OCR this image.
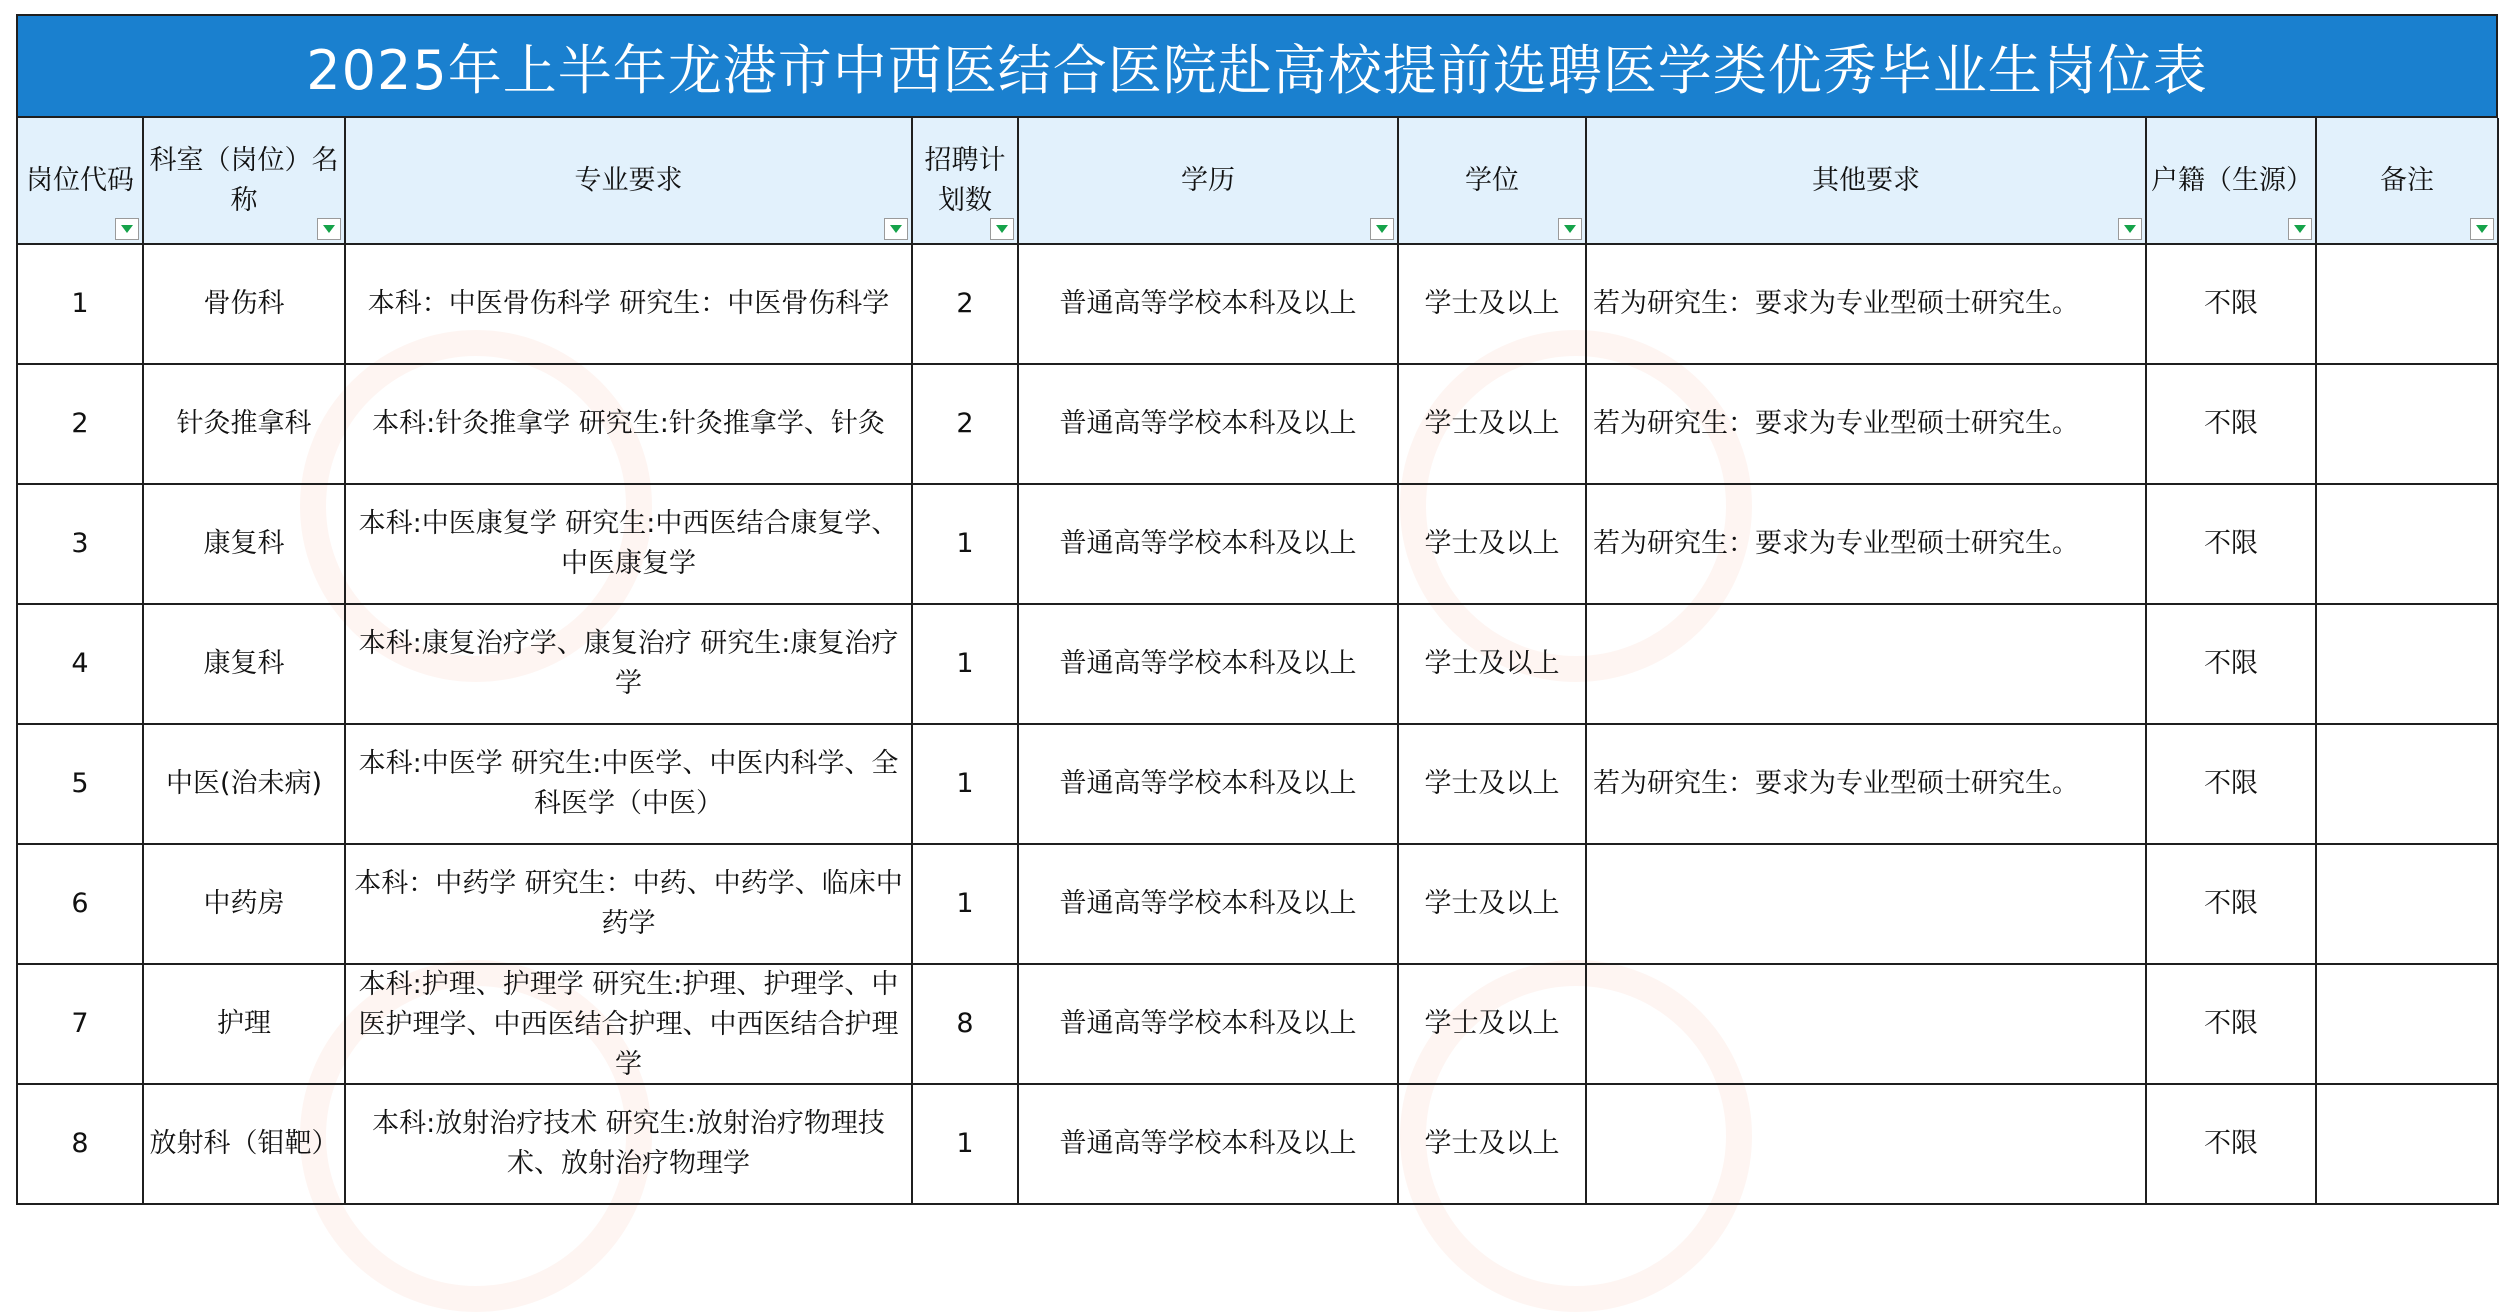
2025年上半年龙港市中西医结合医院赴高校提前选聘医学类优秀毕业生岗位表
岗位代码	科室（岗位）名称	专业要求	招聘计划数	学历	学位	其他要求	户籍（生源）	备注

1	骨伤科	本科：中医骨伤科学 研究生：中医骨伤科学	2	普通高等学校本科及以上	学士及以上	若为研究生：要求为专业型硕士研究生。	不限	

2	针灸推拿科	本科:针灸推拿学 研究生:针灸推拿学、针灸	2	普通高等学校本科及以上	学士及以上	若为研究生：要求为专业型硕士研究生。	不限	

3	康复科	本科:中医康复学 研究生:中西医结合康复学、中医康复学	1	普通高等学校本科及以上	学士及以上	若为研究生：要求为专业型硕士研究生。	不限	

4	康复科	本科:康复治疗学、康复治疗 研究生:康复治疗学	1	普通高等学校本科及以上	学士及以上		不限	

5	中医(治未病)	本科:中医学 研究生:中医学、中医内科学、全科医学（中医）	1	普通高等学校本科及以上	学士及以上	若为研究生：要求为专业型硕士研究生。	不限	

6	中药房	本科：中药学 研究生：中药、中药学、临床中药学	1	普通高等学校本科及以上	学士及以上		不限	

7	护理	本科:护理、护理学 研究生:护理、护理学、中医护理学、中西医结合护理、中西医结合护理学	8	普通高等学校本科及以上	学士及以上		不限	

8	放射科（钼靶）	本科:放射治疗技术 研究生:放射治疗物理技术、放射治疗物理学	1	普通高等学校本科及以上	学士及以上		不限	
